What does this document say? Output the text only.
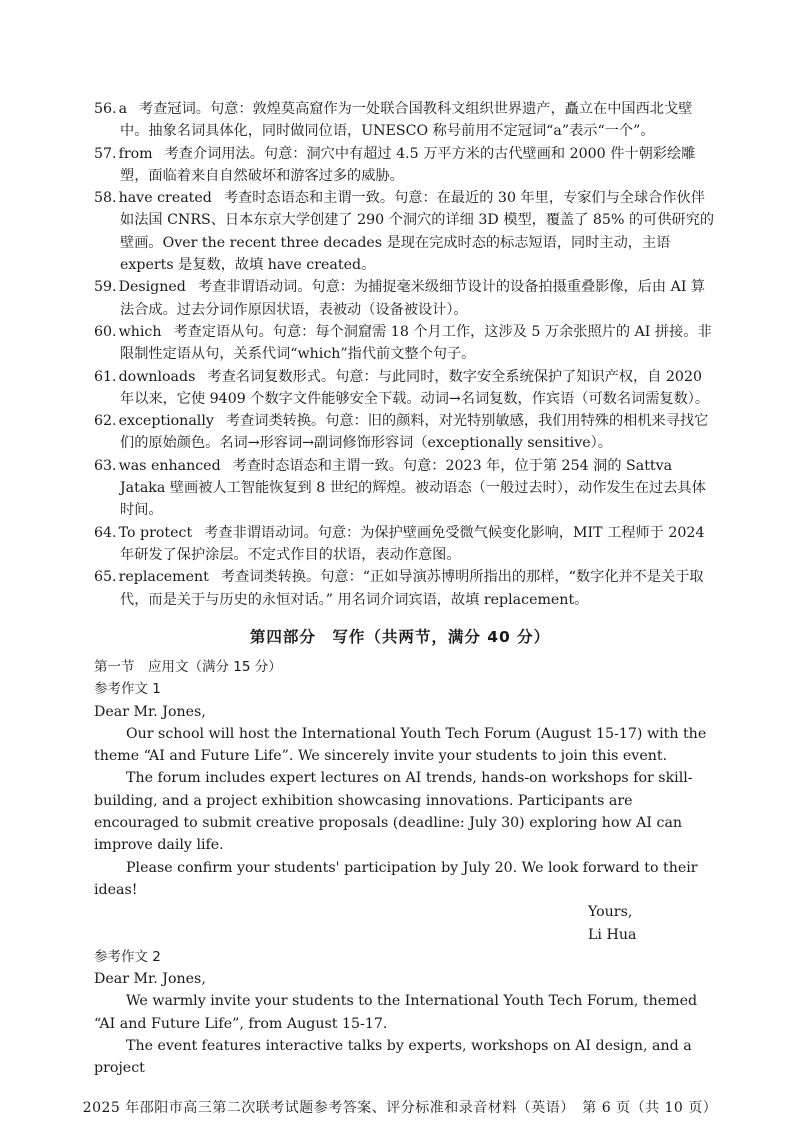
56. a 考查冠词。句意：敦煌莫高窟作为一处联合国教科文组织世界遗产，矗立在中国西北戈壁中。抽象名词具体化，同时做同位语，UNESCO 称号前用不定冠词“a”表示“一个”。

57. from 考查介词用法。句意：洞穴中有超过 4.5 万平方米的古代壁画和 2000 件十朝彩绘雕塑，面临着来自自然破坏和游客过多的威胁。

58. have created 考查时态语态和主谓一致。句意：在最近的 30 年里，专家们与全球合作伙伴如法国 CNRS、日本东京大学创建了 290 个洞穴的详细 3D 模型，覆盖了 85% 的可供研究的壁画。Over the recent three decades 是现在完成时态的标志短语，同时主动，主语 experts 是复数，故填 have created。

59. Designed 考查非谓语动词。句意：为捕捉毫米级细节设计的设备拍摄重叠影像，后由 AI 算法合成。过去分词作原因状语，表被动（设备被设计）。

60. which 考查定语从句。句意：每个洞窟需 18 个月工作，这涉及 5 万余张照片的 AI 拼接。非限制性定语从句，关系代词“which”指代前文整个句子。

61. downloads 考查名词复数形式。句意：与此同时，数字安全系统保护了知识产权，自 2020 年以来，它使 9409 个数字文件能够安全下载。动词→名词复数，作宾语（可数名词需复数）。

62. exceptionally 考查词类转换。句意：旧的颜料，对光特别敏感，我们用特殊的相机来寻找它们的原始颜色。名词→形容词→副词修饰形容词（exceptionally sensitive）。

63. was enhanced 考查时态语态和主谓一致。句意：2023 年，位于第 254 洞的 Sattva Jataka 壁画被人工智能恢复到 8 世纪的辉煌。被动语态（一般过去时），动作发生在过去具体时间。

64. To protect 考查非谓语动词。句意：为保护壁画免受微气候变化影响，MIT 工程师于 2024 年研发了保护涂层。不定式作目的状语，表动作意图。

65. replacement 考查词类转换。句意：“正如导演苏博明所指出的那样，“数字化并不是关于取代，而是关于与历史的永恒对话。” 用名词介词宾语，故填 replacement。

第四部分　写作（共两节，满分 40 分）

第一节　应用文（满分 15 分）

参考作文 1

Dear Mr. Jones,

Our school will host the International Youth Tech Forum (August 15-17) with the theme “AI and Future Life”. We sincerely invite your students to join this event.

The forum includes expert lectures on AI trends, hands-on workshops for skill-building, and a project exhibition showcasing innovations. Participants are encouraged to submit creative proposals (deadline: July 30) exploring how AI can improve daily life.

Please confirm your students' participation by July 20. We look forward to their ideas!

Yours,

Li Hua

参考作文 2

Dear Mr. Jones,

We warmly invite your students to the International Youth Tech Forum, themed “AI and Future Life”, from August 15-17.

The event features interactive talks by experts, workshops on AI design, and a project

2025 年邵阳市高三第二次联考试题参考答案、评分标准和录音材料（英语）　第 6 页（共 10 页）
